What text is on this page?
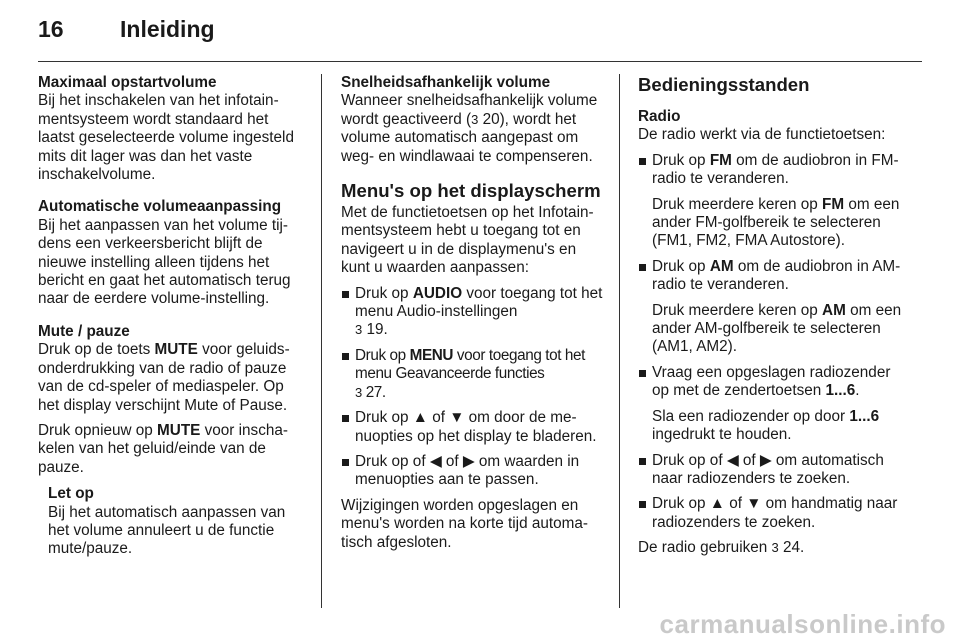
16 Inleiding

Maximaal opstartvolume

Bij het inschakelen van het infotainmentsysteem wordt standaard het laatst geselecteerde volume ingesteld mits dit lager was dan het vaste inschakelvolume.

Automatische volumeaanpassing

Bij het aanpassen van het volume tijdens een verkeersbericht blijft de nieuwe instelling alleen tijdens het bericht en gaat het automatisch terug naar de eerdere volume-instelling.

Mute / pauze

Druk op de toets MUTE voor geluidsonderdrukking van de radio of pauze van de cd-speler of mediaspeler. Op het display verschijnt Mute of Pause.

Druk opnieuw op MUTE voor inschakelen van het geluid/einde van de pauze.

Let op

Bij het automatisch aanpassen van het volume annuleert u de functie mute/pauze.

Snelheidsafhankelijk volume

Wanneer snelheidsafhankelijk volume wordt geactiveerd (3 20), wordt het volume automatisch aangepast om weg- en windlawaai te compenseren.

Menu's op het displayscherm

Met de functietoetsen op het Infotainmentsysteem hebt u toegang tot en navigeert u in de displaymenu's en kunt u waarden aanpassen:

Druk op AUDIO voor toegang tot het menu Audio-instellingen
3 19.
Druk op MENU voor toegang tot het menu Geavanceerde functies
3 27.
Druk op ▲ of ▼ om door de menuopties op het display te bladeren.
Druk op of ◀ of ▶ om waarden in menuopties aan te passen.

Wijzigingen worden opgeslagen en menu's worden na korte tijd automatisch afgesloten.

Bedieningsstanden

Radio

De radio werkt via de functietoetsen:

Druk op FM om de audiobron in FM-radio te veranderen.

Druk meerdere keren op FM om een ander FM-golfbereik te selecteren (FM1, FM2, FMA Autostore).

Druk op AM om de audiobron in AM-radio te veranderen.

Druk meerdere keren op AM om een ander AM-golfbereik te selecteren (AM1, AM2).

Vraag een opgeslagen radiozender op met de zendertoetsen 1...6.

Sla een radiozender op door 1...6 ingedrukt te houden.

Druk op of ◀ of ▶ om automatisch naar radiozenders te zoeken.
Druk op ▲ of ▼ om handmatig naar radiozenders te zoeken.

De radio gebruiken 3 24.

carmanualsonline.info
